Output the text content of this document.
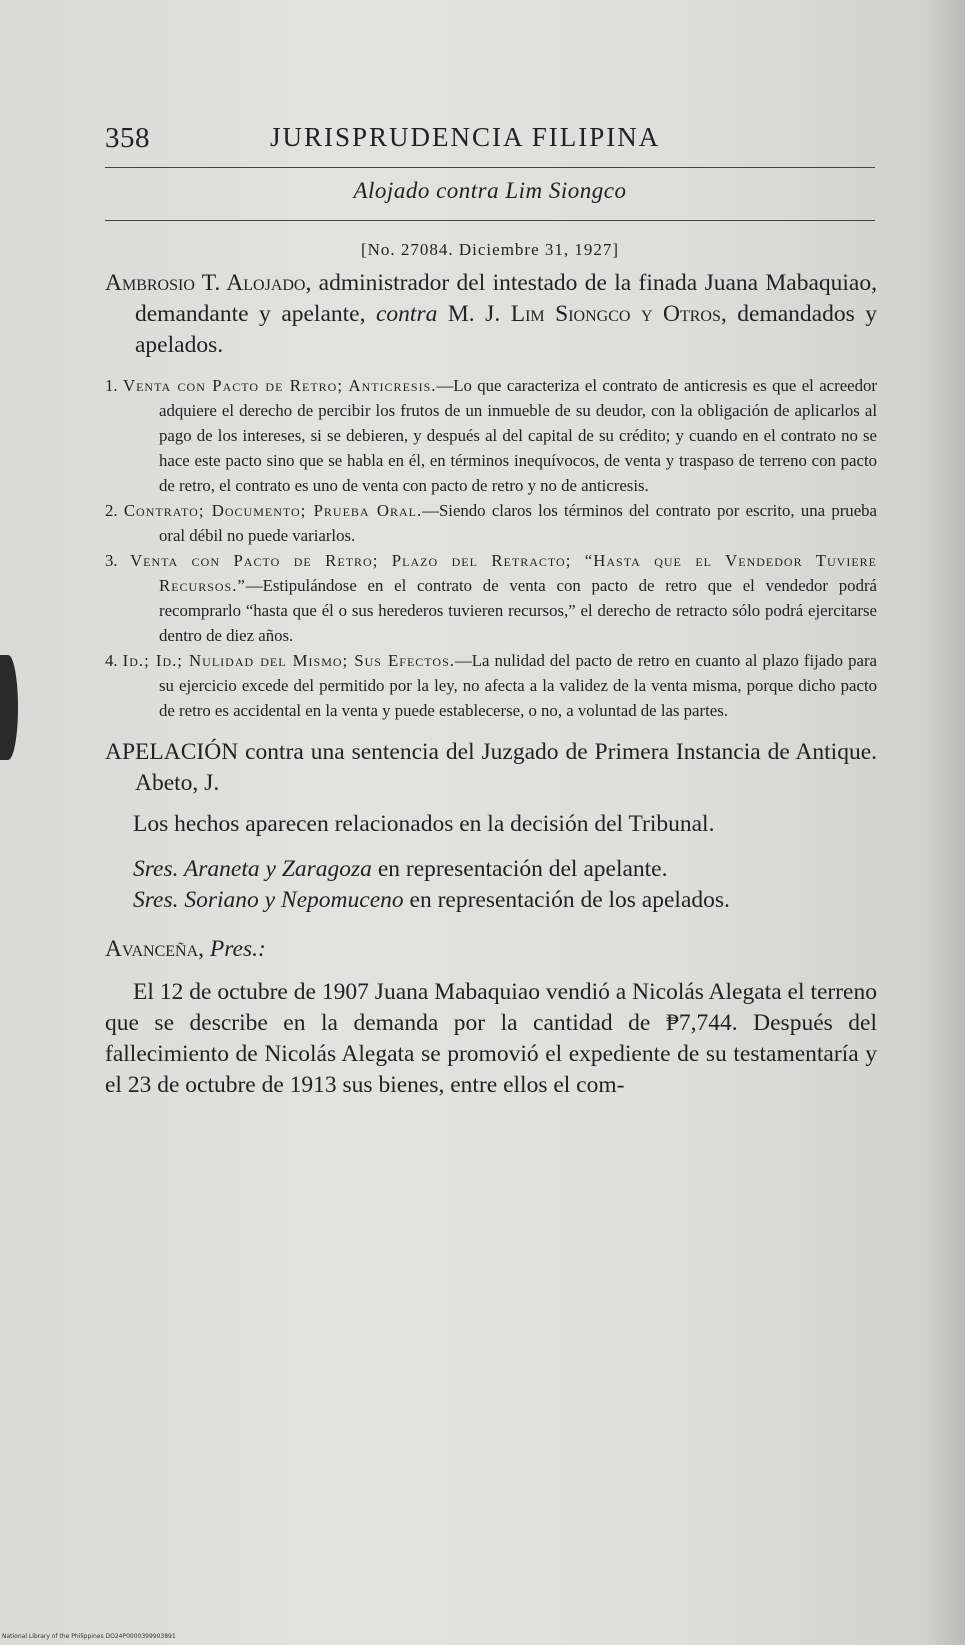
358	JURISPRUDENCIA FILIPINA
Alojado contra Lim Siongco
[No. 27084. Diciembre 31, 1927]

Ambrosio T. Alojado, administrador del intestado de la finada Juana Mabaquiao, demandante y apelante, contra M. J. Lim Siongco y Otros, demandados y apelados.

1. Venta con Pacto de Retro; Anticresis.—Lo que caracteriza el contrato de anticresis es que el acreedor adquiere el derecho de percibir los frutos de un inmueble de su deudor, con la obligación de aplicarlos al pago de los intereses, si se debieren, y después al del capital de su crédito; y cuando en el contrato no se hace este pacto sino que se habla en él, en términos inequívocos, de venta y traspaso de terreno con pacto de retro, el contrato es uno de venta con pacto de retro y no de anticresis.
2. Contrato; Documento; Prueba Oral.—Siendo claros los términos del contrato por escrito, una prueba oral débil no puede variarlos.
3. Venta con Pacto de Retro; Plazo del Retracto; “Hasta que el Vendedor Tuviere Recursos.”—Estipulándose en el contrato de venta con pacto de retro que el vendedor podrá recomprarlo “hasta que él o sus herederos tuvieren recursos,” el derecho de retracto sólo podrá ejercitarse dentro de diez años.
4. Id.; Id.; Nulidad del Mismo; Sus Efectos.—La nulidad del pacto de retro en cuanto al plazo fijado para su ejercicio excede del permitido por la ley, no afecta a la validez de la venta misma, porque dicho pacto de retro es accidental en la venta y puede establecerse, o no, a voluntad de las partes.

APELACIÓN contra una sentencia del Juzgado de Primera Instancia de Antique. Abeto, J.

Los hechos aparecen relacionados en la decisión del Tribunal.

Sres. Araneta y Zaragoza en representación del apelante.

Sres. Soriano y Nepomuceno en representación de los apelados.

Avanceña, Pres.:

El 12 de octubre de 1907 Juana Mabaquiao vendió a Nicolás Alegata el terreno que se describe en la demanda por la cantidad de ₱7,744. Después del fallecimiento de Nicolás Alegata se promovió el expediente de su testamentaría y el 23 de octubre de 1913 sus bienes, entre ellos el com-

National Library of the Philippines DO24P0000399903891
